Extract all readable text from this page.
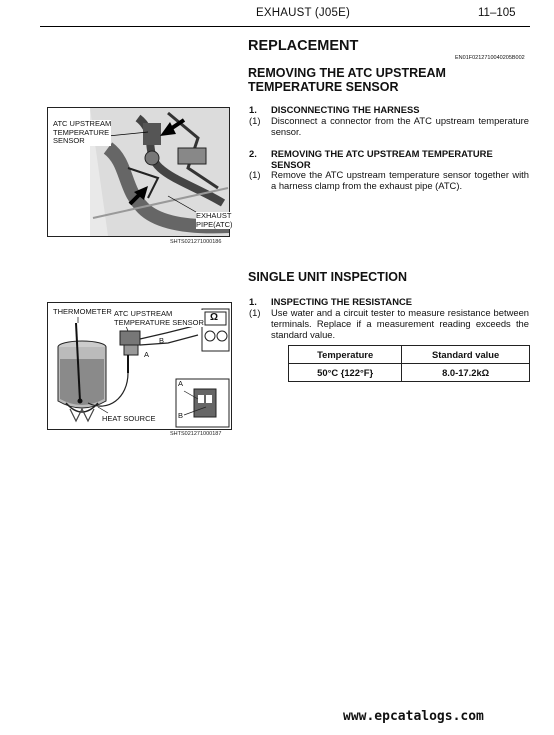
EXHAUST (J05E)	11–105
REPLACEMENT
EN01F0212710040205B002
REMOVING THE ATC UPSTREAM TEMPERATURE SENSOR
1. DISCONNECTING THE HARNESS
(1) Disconnect a connector from the ATC upstream temperature sensor.
2. REMOVING THE ATC UPSTREAM TEMPERATURE SENSOR
(1) Remove the ATC upstream temperature sensor together with a harness clamp from the exhaust pipe (ATC).
ATC UPSTREAM
TEMPERATURE
SENSOR
EXHAUST
PIPE(ATC)
SHTS021271000186
SINGLE UNIT INSPECTION
1. INSPECTING THE RESISTANCE
(1) Use water and a circuit tester to measure resistance between terminals. Replace if a measurement reading exceeds the standard value.
Temperature	Standard value
50°C {122°F}	8.0-17.2kΩ
THERMOMETER ATC UPSTREAM
TEMPERATURE SENSOR
HEAT SOURCE
A
B
A
B
Ω
SHTS021271000187
www.epcatalogs.com
